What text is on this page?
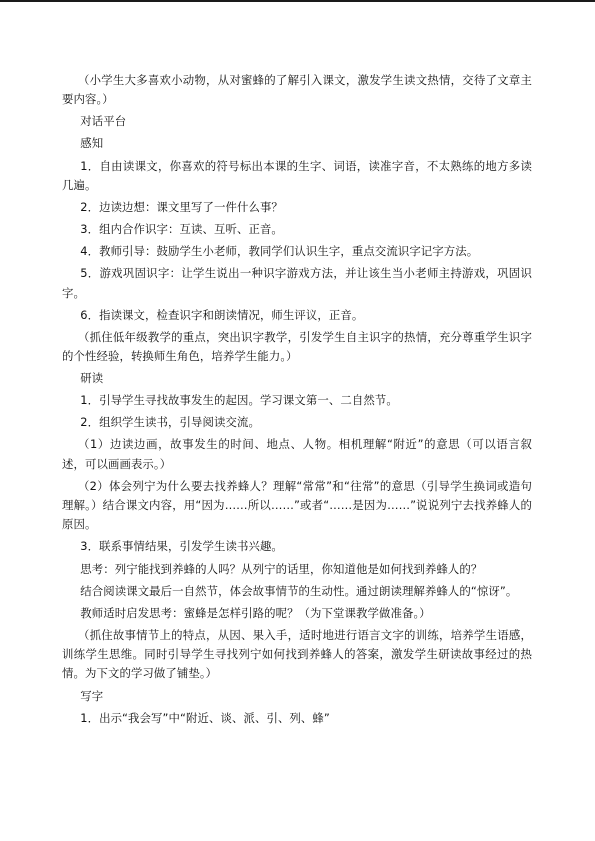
（小学生大多喜欢小动物，从对蜜蜂的了解引入课文，激发学生读文热情，交待了文章主要内容。）

对话平台

感知

1．自由读课文，你喜欢的符号标出本课的生字、词语，读准字音，不太熟练的地方多读几遍。

2．边读边想：课文里写了一件什么事？

3．组内合作识字：互读、互听、正音。

4．教师引导：鼓励学生小老师，教同学们认识生字，重点交流识字记字方法。

5．游戏巩固识字：让学生说出一种识字游戏方法，并让该生当小老师主持游戏，巩固识字。

6．指读课文，检查识字和朗读情况，师生评议，正音。

（抓住低年级教学的重点，突出识字教学，引发学生自主识字的热情，充分尊重学生识字的个性经验，转换师生角色，培养学生能力。）

研读

1．引导学生寻找故事发生的起因。学习课文第一、二自然节。

2．组织学生读书，引导阅读交流。

（1）边读边画，故事发生的时间、地点、人物。相机理解“附近”的意思（可以语言叙述，可以画画表示。）

（2）体会列宁为什么要去找养蜂人？理解“常常”和“往常”的意思（引导学生换词或造句理解。）结合课文内容，用“因为……所以……”或者“……是因为……”说说列宁去找养蜂人的原因。

3．联系事情结果，引发学生读书兴趣。

思考：列宁能找到养蜂的人吗？从列宁的话里，你知道他是如何找到养蜂人的？

结合阅读课文最后一自然节，体会故事情节的生动性。通过朗读理解养蜂人的“惊讶”。

教师适时启发思考：蜜蜂是怎样引路的呢？（为下堂课教学做准备。）

（抓住故事情节上的特点，从因、果入手，适时地进行语言文字的训练，培养学生语感，训练学生思维。同时引导学生寻找列宁如何找到养蜂人的答案，激发学生研读故事经过的热情。为下文的学习做了铺垫。）

写字

1．出示“我会写”中“附近、谈、派、引、列、蜂”
